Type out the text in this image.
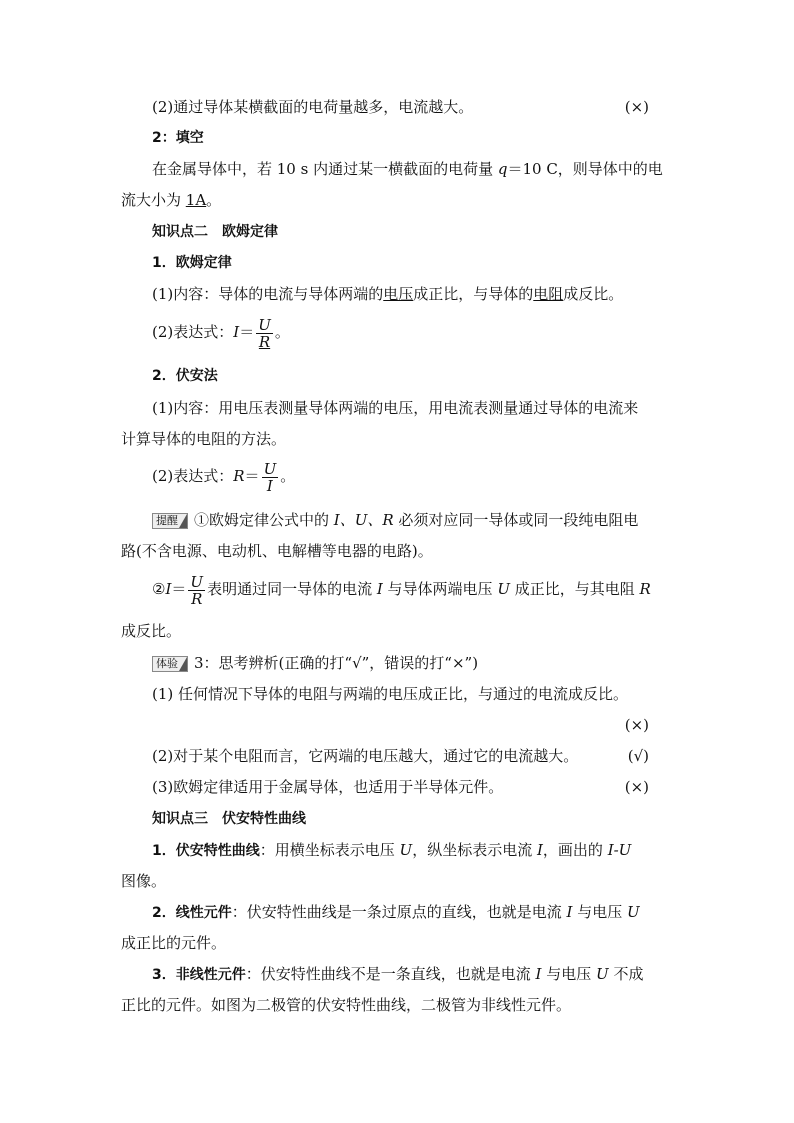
(2)通过导体某横截面的电荷量越多，电流越大。	(×)
2：填空
在金属导体中，若 10 s 内通过某一横截面的电荷量 q＝10 C，则导体中的电
流大小为 1A。
知识点二　欧姆定律
1．欧姆定律
(1)内容：导体的电流与导体两端的电压成正比，与导体的电阻成反比。
(2)表达式：$I= \frac{U}{R}$ 。
2．伏安法
(1)内容：用电压表测量导体两端的电压，用电流表测量通过导体的电流来
计算导体的电阻的方法。
(2)表达式：$R= \frac{U}{I}$ 。
提醒 ①欧姆定律公式中的 I、U、R 必须对应同一导体或同一段纯电阻电
路(不含电源、电动机、电解槽等电器的电路)。
②I＝ $\frac{U}{R}$ 表明通过同一导体的电流 I 与导体两端电压 U 成正比，与其电阻 R
成反比。
体验 3：思考辨析(正确的打“√”，错误的打“×”)
(1) 任何情况下导体的电阻与两端的电压成正比，与通过的电流成反比。
(×)
(2)对于某个电阻而言，它两端的电压越大，通过它的电流越大。	(√)
(3)欧姆定律适用于金属导体，也适用于半导体元件。	(×)
知识点三　伏安特性曲线
1．伏安特性曲线：用横坐标表示电压 U，纵坐标表示电流 I，画出的 I-U
图像。
2．线性元件：伏安特性曲线是一条过原点的直线，也就是电流 I 与电压 U
成正比的元件。
3．非线性元件：伏安特性曲线不是一条直线，也就是电流 I 与电压 U 不成
正比的元件。如图为二极管的伏安特性曲线，二极管为非线性元件。
